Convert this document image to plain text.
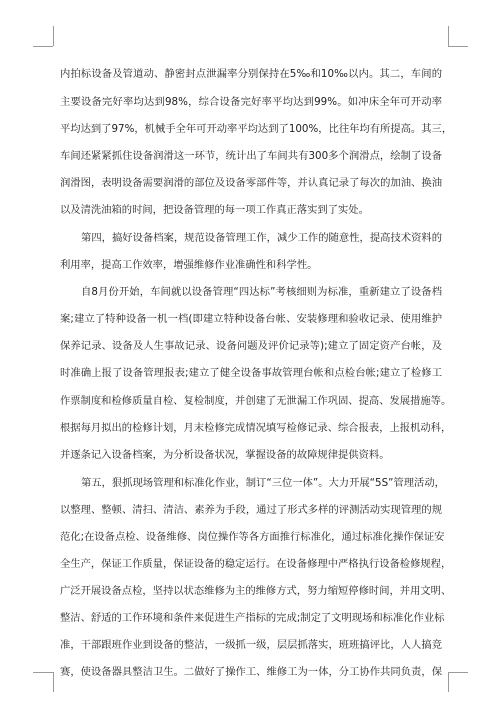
内拍标设备及管道动、静密封点泄漏率分别保持在5‰和10‰以内。其二，车间的
主要设备完好率均达到98%，综合设备完好率平均达到99%。如冲床全年可开动率
平均达到了97%，机械手全年可开动率平均达到了100%，比往年均有所提高。其三，
车间还紧紧抓住设备润滑这一环节，统计出了车间共有300多个润滑点，绘制了设备
润滑图，表明设备需要润滑的部位及设备零部件等，并认真记录了每次的加油、换油
以及清洗油箱的时间，把设备管理的每一项工作真正落实到了实处。
第四，搞好设备档案，规范设备管理工作，减少工作的随意性，提高技术资料的
利用率，提高工作效率，增强维修作业准确性和科学性。
自8月份开始，车间就以设备管理“四达标”考核细则为标准，重新建立了设备档
案;建立了特种设备一机一档(即建立特种设备台帐、安装修理和验收记录、使用维护
保养记录、设备及人生事故记录、设备问题及评价记录等);建立了固定资产台帐，及
时准确上报了设备管理报表;建立了健全设备事故管理台帐和点检台帐;建立了检修工
作票制度和检修质量自检、复检制度，并创建了无泄漏工作巩固、提高、发展措施等。
根据每月拟出的检修计划，月末检修完成情况填写检修记录、综合报表，上报机动科，
并逐条记入设备档案，为分析设备状况，掌握设备的故障规律提供资料。
第五，狠抓现场管理和标准化作业，制订“三位一体”。大力开展“5S”管理活动，
以整理、整顿、清扫、清洁、素养为手段，通过了形式多样的评测活动实现管理的规
范化;在设备点检、设备维修、岗位操作等各方面推行标准化，通过标准化操作保证安
全生产，保证工作质量，保证设备的稳定运行。在设备修理中严格执行设备检修规程，
广泛开展设备点检，坚持以状态维修为主的维修方式，努力缩短停修时间，并用文明、
整洁、舒适的工作环境和条件来促进生产指标的完成;制定了文明现场和标准化作业标
准，干部跟班作业到设备的整洁，一级抓一级，层层抓落实，班班搞评比，人人搞竞
赛，使设备器具整洁卫生。二做好了操作工、维修工为一体，分工协作共同负责，保
